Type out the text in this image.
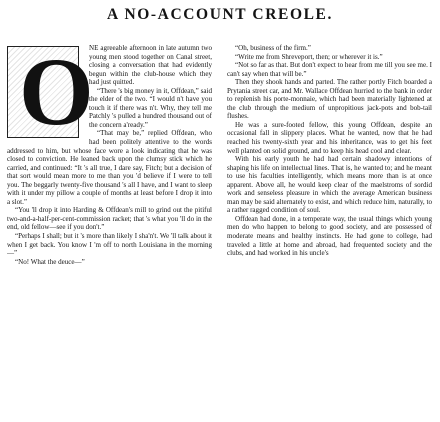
A NO-ACCOUNT CREOLE.
O

NE agreeable afternoon in late autumn two young men stood together on Canal street, closing a conversation that had evidently begun within the club-house which they had just quitted.

“There 's big money in it, Offdean,” said the elder of the two. “I would n't have you touch it if there was n't. Why, they tell me Patchly 's pulled a hundred thousand out of the concern a'ready.”

“That may be,” replied Offdean, who had been politely attentive to the words addressed to him, but whose face wore a look indicating that he was closed to conviction. He leaned back upon the clumsy stick which he carried, and continued: “It 's all true, I dare say, Fitch; but a decision of that sort would mean more to me than you 'd believe if I were to tell you. The beggarly twenty-five thousand 's all I have, and I want to sleep with it under my pillow a couple of months at least before I drop it into a slot.”

“You 'll drop it into Harding & Offdean's mill to grind out the pitiful two-and-a-half-per-cent-commission racket; that 's what you 'll do in the end, old fellow—see if you don't.”

“Perhaps I shall; but it 's more than likely I sha'n't. We 'll talk about it when I get back. You know I 'm off to north Louisiana in the morning—”

“No! What the deuce—”

“Oh, business of the firm.”

“Write me from Shreveport, then; or wherever it is.”

“Not so far as that. But don't expect to hear from me till you see me. I can't say when that will be.”

Then they shook hands and parted. The rather portly Fitch boarded a Prytania street car, and Mr. Wallace Offdean hurried to the bank in order to replenish his porte-monnaie, which had been materially lightened at the club through the medium of unpropitious jack-pots and bob-tail flushes.

He was a sure-footed fellow, this young Offdean, despite an occasional fall in slippery places. What he wanted, now that he had reached his twenty-sixth year and his inheritance, was to get his feet well planted on solid ground, and to keep his head cool and clear.

With his early youth he had had certain shadowy intentions of shaping his life on intellectual lines. That is, he wanted to; and he meant to use his faculties intelligently, which means more than is at once apparent. Above all, he would keep clear of the maelstroms of sordid work and senseless pleasure in which the average American business man may be said alternately to exist, and which reduce him, naturally, to a rather ragged condition of soul.

Offdean had done, in a temperate way, the usual things which young men do who happen to belong to good society, and are possessed of moderate means and healthy instincts. He had gone to college, had traveled a little at home and abroad, had frequented society and the clubs, and had worked in his uncle's
